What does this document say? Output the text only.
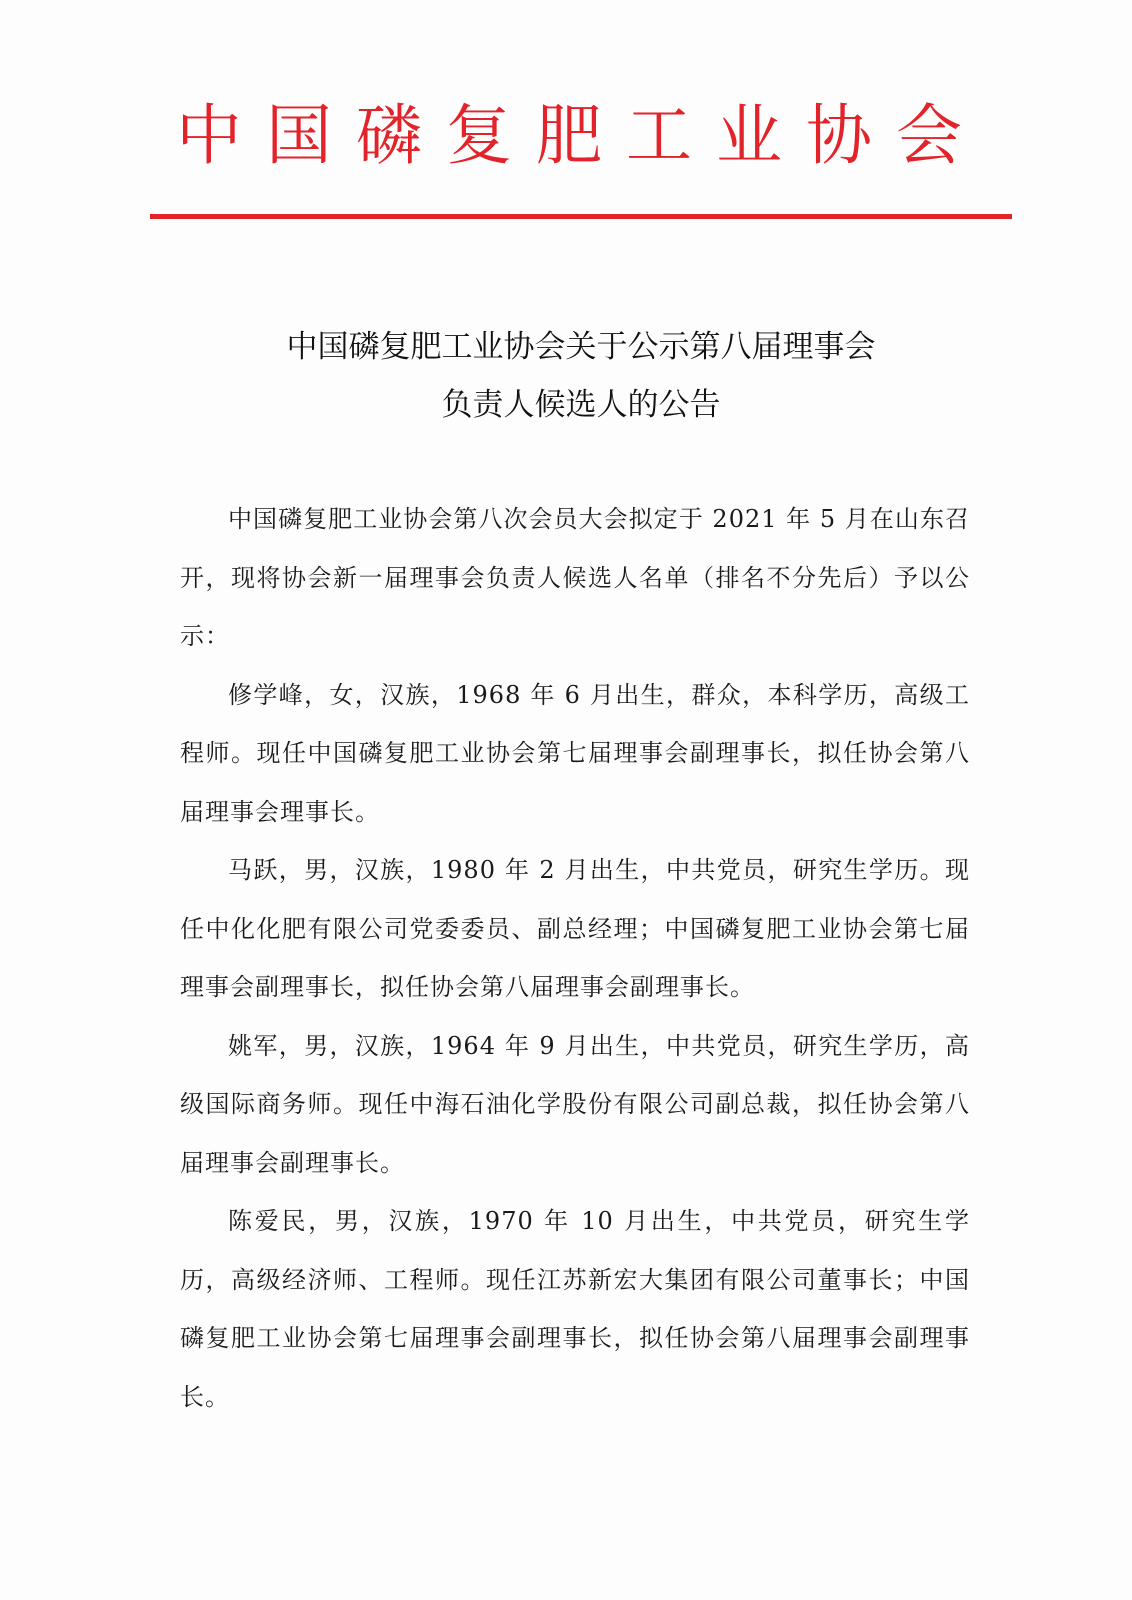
中国磷复肥工业协会
中国磷复肥工业协会关于公示第八届理事会
负责人候选人的公告

中国磷复肥工业协会第八次会员大会拟定于 2021 年 5 月在山东召开，现将协会新一届理事会负责人候选人名单（排名不分先后）予以公示：

修学峰，女，汉族，1968 年 6 月出生，群众，本科学历，高级工程师。现任中国磷复肥工业协会第七届理事会副理事长，拟任协会第八届理事会理事长。

马跃，男，汉族，1980 年 2 月出生，中共党员，研究生学历。现任中化化肥有限公司党委委员、副总经理；中国磷复肥工业协会第七届理事会副理事长，拟任协会第八届理事会副理事长。

姚军，男，汉族，1964 年 9 月出生，中共党员，研究生学历，高级国际商务师。现任中海石油化学股份有限公司副总裁，拟任协会第八届理事会副理事长。

陈爱民，男，汉族，1970 年 10 月出生，中共党员，研究生学历，高级经济师、工程师。现任江苏新宏大集团有限公司董事长；中国磷复肥工业协会第七届理事会副理事长，拟任协会第八届理事会副理事长。
